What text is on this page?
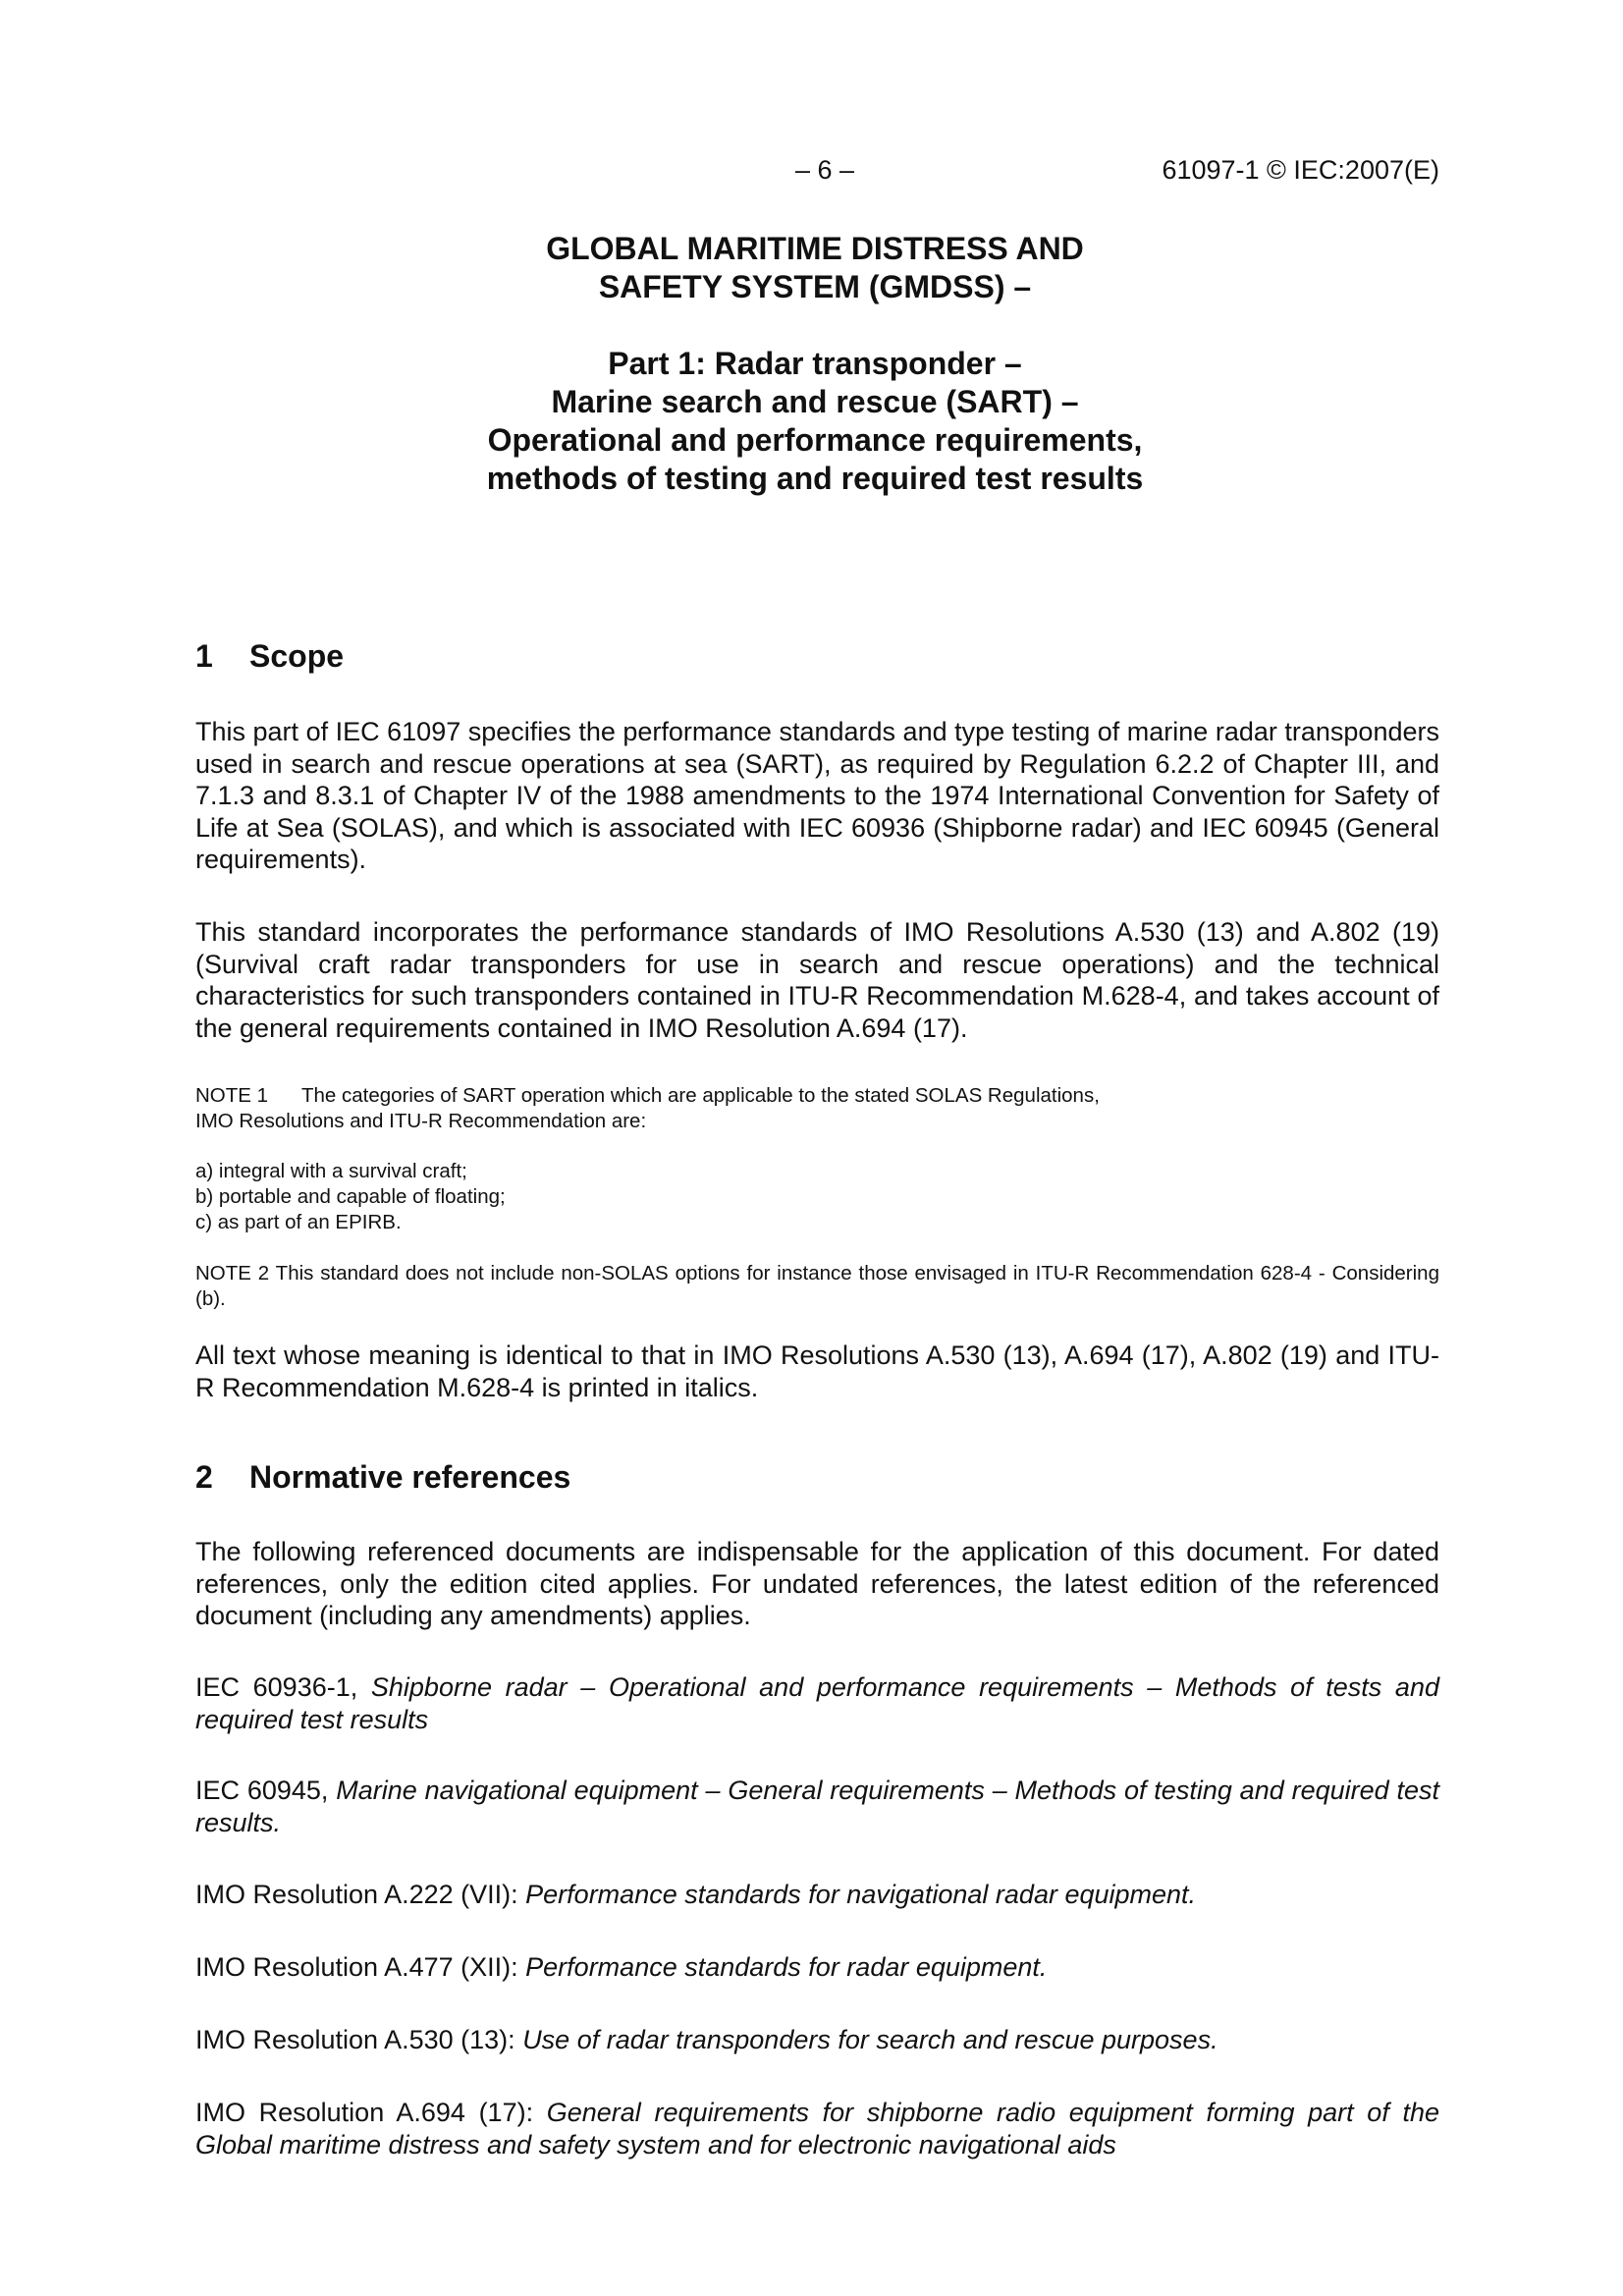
– 6 –	61097-1 © IEC:2007(E)
GLOBAL MARITIME DISTRESS AND
SAFETY SYSTEM (GMDSS) –
Part 1: Radar transponder –
Marine search and rescue (SART) –
Operational and performance requirements,
methods of testing and required test results
1 Scope

This part of IEC 61097 specifies the performance standards and type testing of marine radar transponders used in search and rescue operations at sea (SART), as required by Regulation 6.2.2 of Chapter III, and 7.1.3 and 8.3.1 of Chapter IV of the 1988 amendments to the 1974 International Convention for Safety of Life at Sea (SOLAS), and which is associated with IEC 60936 (Shipborne radar) and IEC 60945 (General requirements).

This standard incorporates the performance standards of IMO Resolutions A.530 (13) and A.802 (19) (Survival craft radar transponders for use in search and rescue operations) and the technical characteristics for such transponders contained in ITU-R Recommendation M.628-4, and takes account of the general requirements contained in IMO Resolution A.694 (17).

NOTE 1 The categories of SART operation which are applicable to the stated SOLAS Regulations,

IMO Resolutions and ITU-R Recommendation are:

a) integral with a survival craft;

b) portable and capable of floating;

c) as part of an EPIRB.

NOTE 2 This standard does not include non-SOLAS options for instance those envisaged in ITU-R Recommendation 628-4 - Considering (b).

All text whose meaning is identical to that in IMO Resolutions A.530 (13), A.694 (17), A.802 (19) and ITU-R Recommendation M.628-4 is printed in italics.

2 Normative references

The following referenced documents are indispensable for the application of this document. For dated references, only the edition cited applies. For undated references, the latest edition of the referenced document (including any amendments) applies.

IEC 60936-1, Shipborne radar – Operational and performance requirements – Methods of tests and required test results

IEC 60945, Marine navigational equipment – General requirements – Methods of testing and required test results.

IMO Resolution A.222 (VII): Performance standards for navigational radar equipment.

IMO Resolution A.477 (XII): Performance standards for radar equipment.

IMO Resolution A.530 (13): Use of radar transponders for search and rescue purposes.

IMO Resolution A.694 (17): General requirements for shipborne radio equipment forming part of the Global maritime distress and safety system and for electronic navigational aids
